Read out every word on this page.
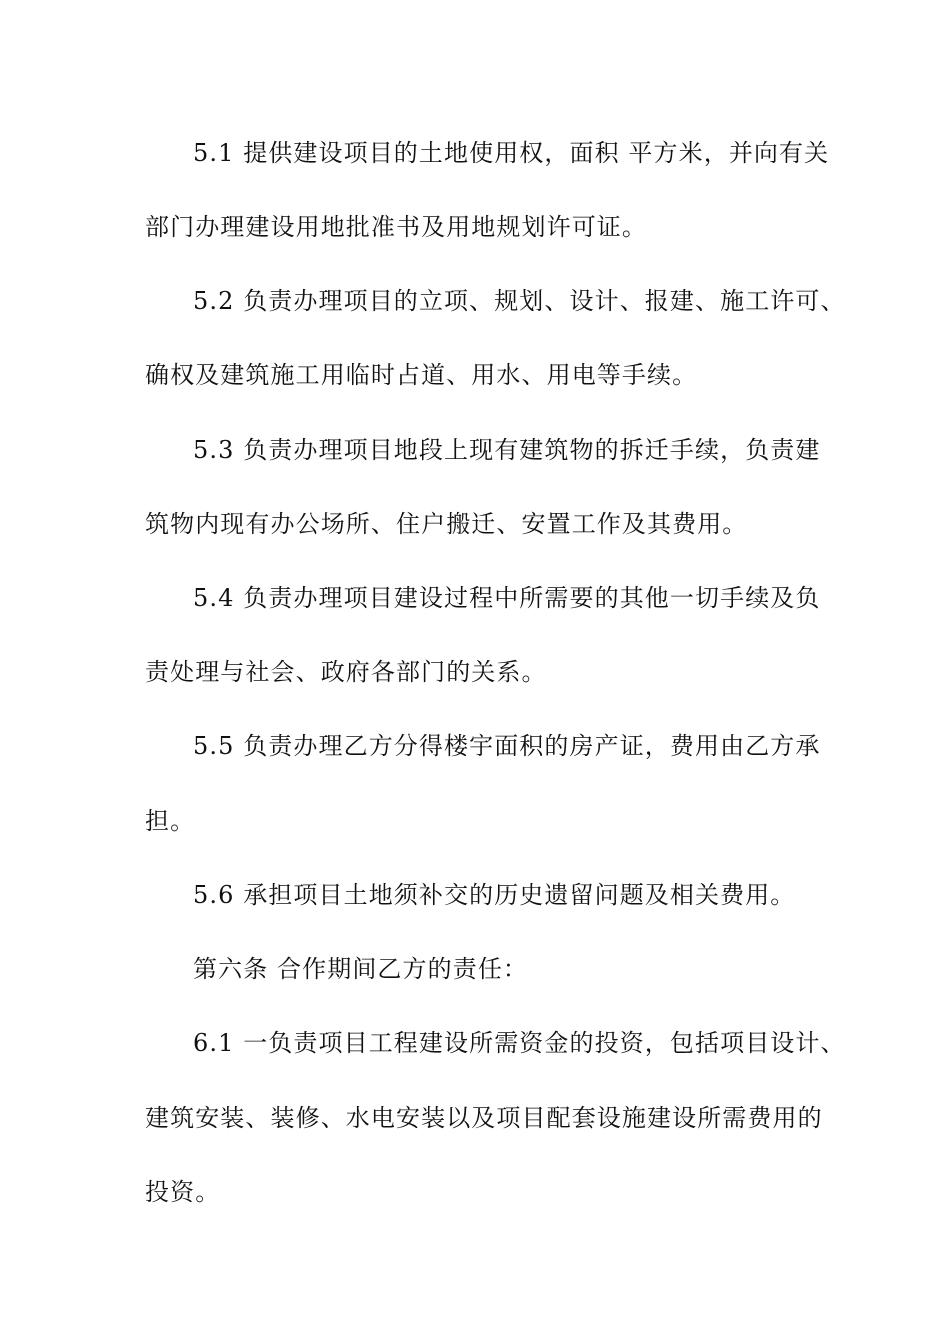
5.1 提供建设项目的土地使用权，面积 平方米，并向有关
部门办理建设用地批准书及用地规划许可证。
5.2 负责办理项目的立项、规划、设计、报建、施工许可、
确权及建筑施工用临时占道、用水、用电等手续。
5.3 负责办理项目地段上现有建筑物的拆迁手续，负责建
筑物内现有办公场所、住户搬迁、安置工作及其费用。
5.4 负责办理项目建设过程中所需要的其他一切手续及负
责处理与社会、政府各部门的关系。
5.5 负责办理乙方分得楼宇面积的房产证，费用由乙方承
担。
5.6 承担项目土地须补交的历史遗留问题及相关费用。
第六条 合作期间乙方的责任：
6.1 一负责项目工程建设所需资金的投资，包括项目设计、
建筑安装、装修、水电安装以及项目配套设施建设所需费用的
投资。
